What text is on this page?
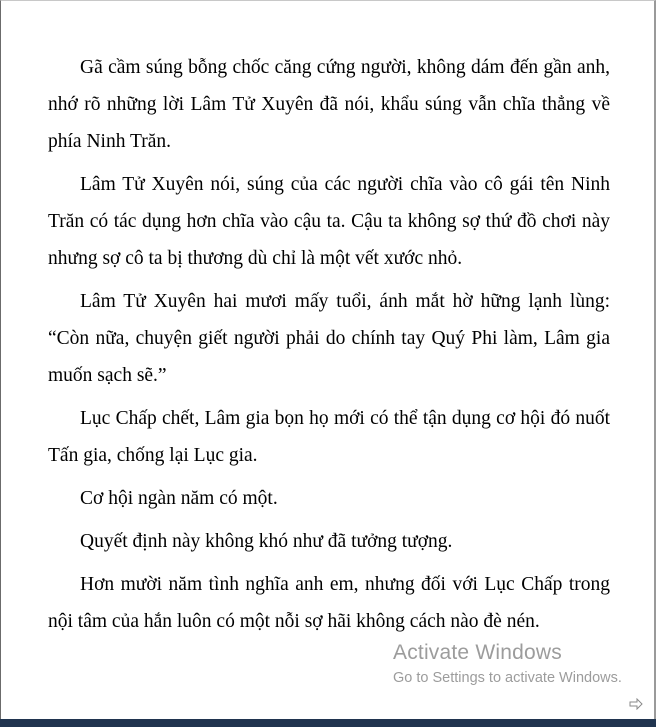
Gã cầm súng bỗng chốc căng cứng người, không dám đến gần anh, nhớ rõ những lời Lâm Tử Xuyên đã nói, khẩu súng vẫn chĩa thẳng về phía Ninh Trăn.

Lâm Tử Xuyên nói, súng của các người chĩa vào cô gái tên Ninh Trăn có tác dụng hơn chĩa vào cậu ta. Cậu ta không sợ thứ đồ chơi này nhưng sợ cô ta bị thương dù chỉ là một vết xước nhỏ.

Lâm Tử Xuyên hai mươi mấy tuổi, ánh mắt hờ hững lạnh lùng: “Còn nữa, chuyện giết người phải do chính tay Quý Phi làm, Lâm gia muốn sạch sẽ.”

Lục Chấp chết, Lâm gia bọn họ mới có thể tận dụng cơ hội đó nuốt Tấn gia, chống lại Lục gia.

Cơ hội ngàn năm có một.

Quyết định này không khó như đã tưởng tượng.

Hơn mười năm tình nghĩa anh em, nhưng đối với Lục Chấp trong nội tâm của hắn luôn có một nỗi sợ hãi không cách nào đè nén.

Activate Windows
Go to Settings to activate Windows.
